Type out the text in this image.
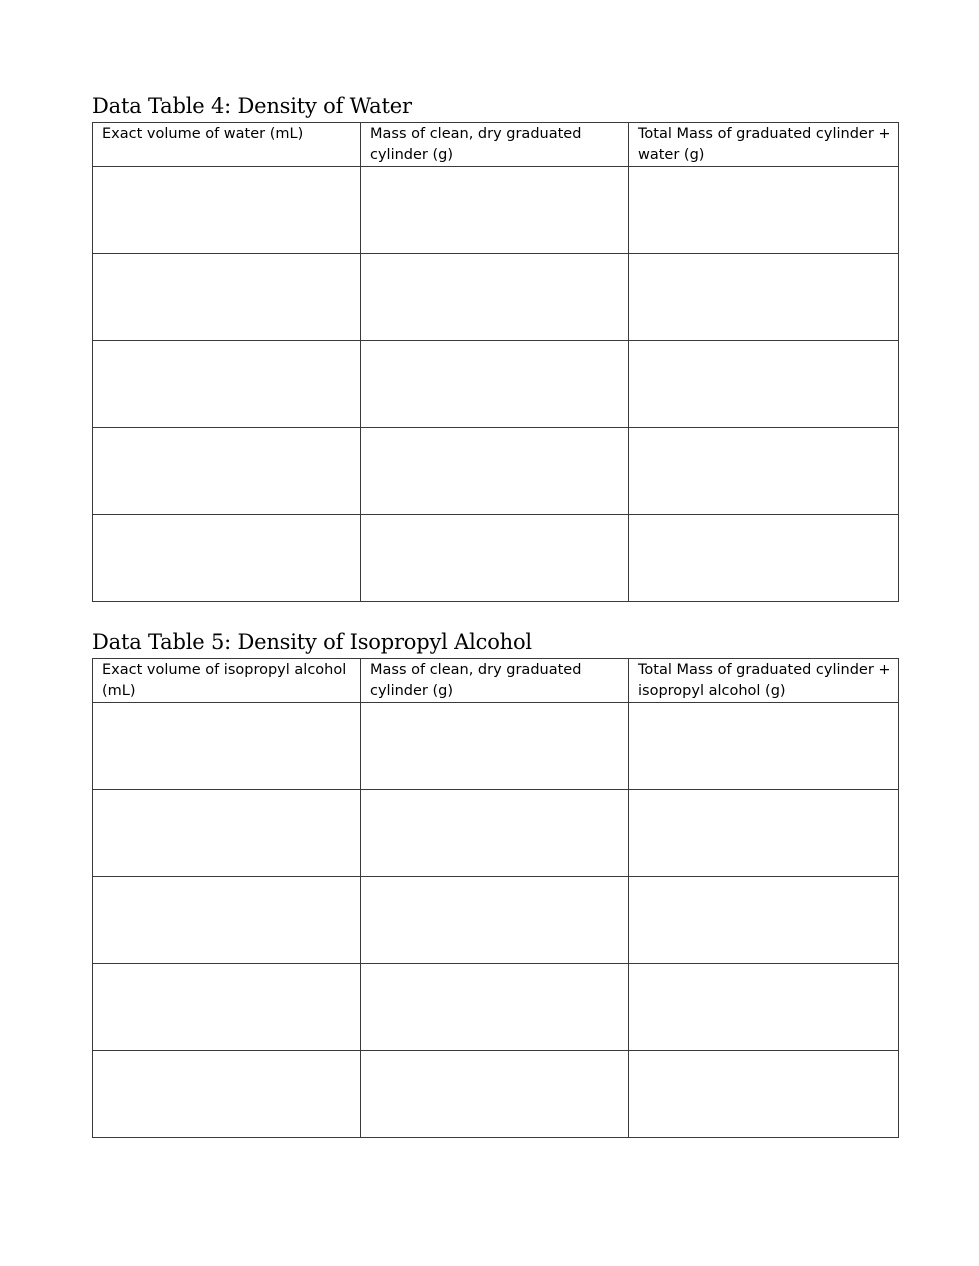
Data Table 4: Density of Water
Exact volume of water (mL)	Mass of clean, dry graduated cylinder (g)	Total Mass of graduated cylinder + water (g)

Data Table 5: Density of Isopropyl Alcohol
Exact volume of isopropyl alcohol (mL)	Mass of clean, dry graduated cylinder (g)	Total Mass of graduated cylinder + isopropyl alcohol (g)
